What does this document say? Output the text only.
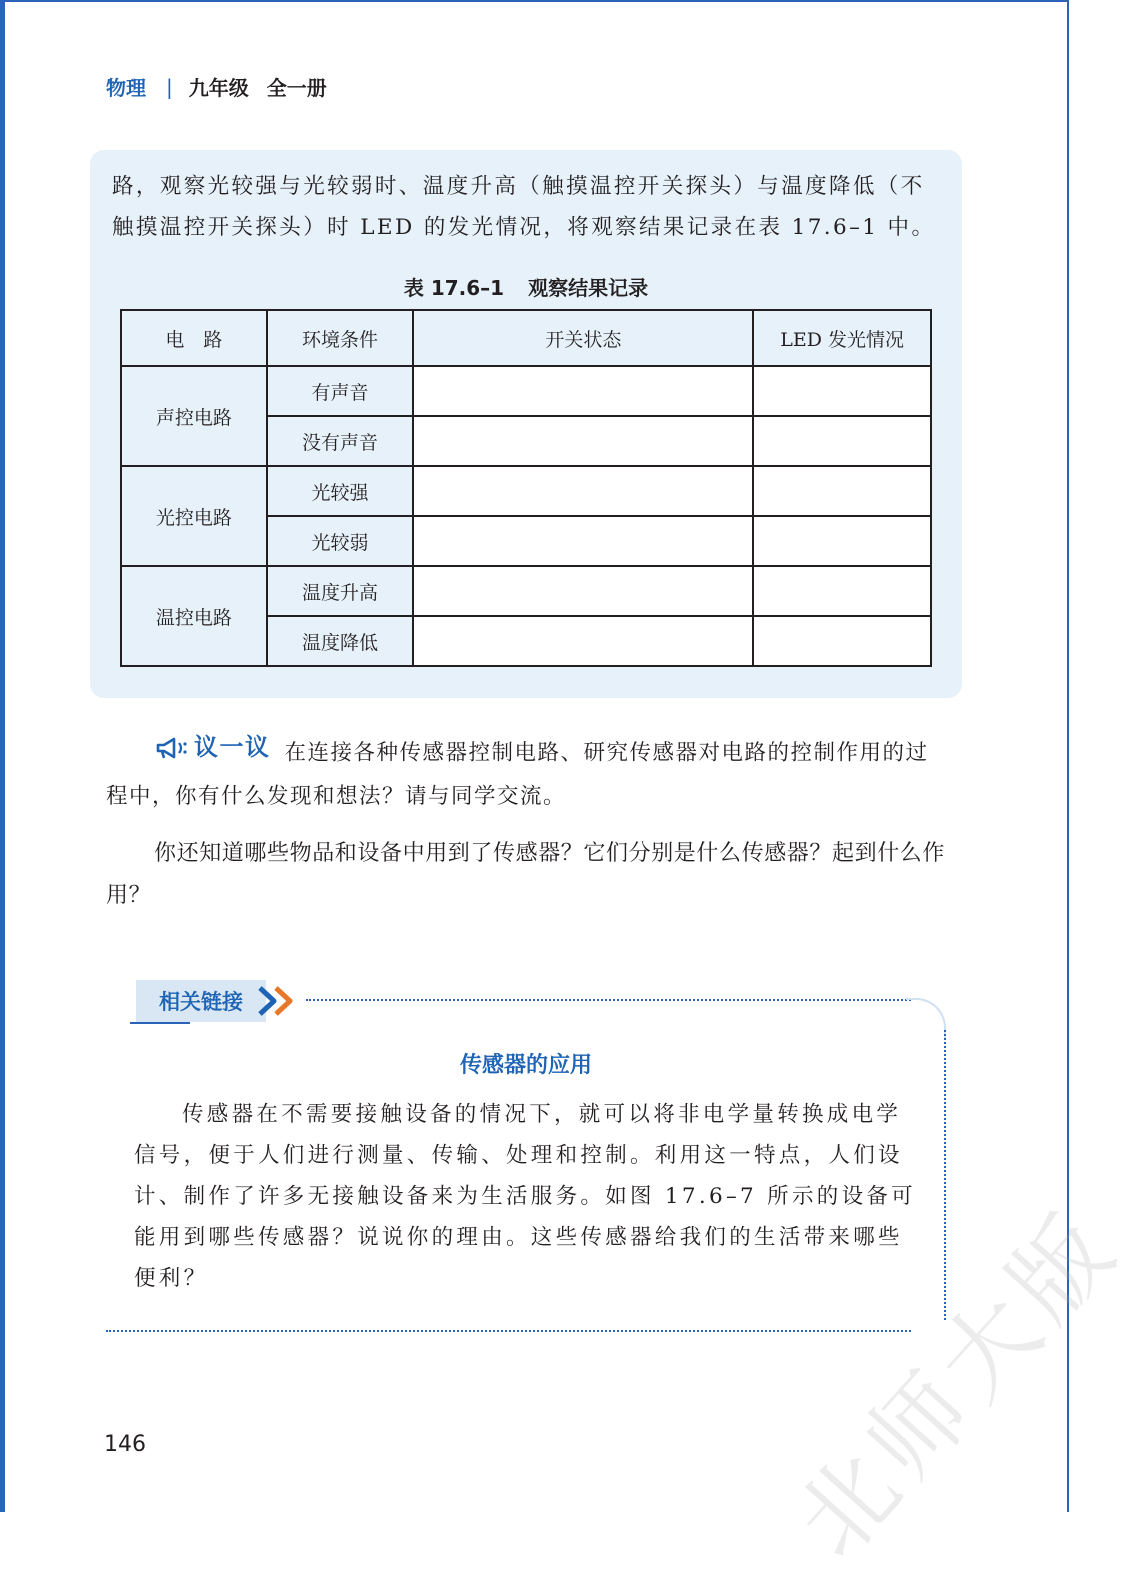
物理 | 九年级 全一册

路，观察光较强与光较弱时、温度升高（触摸温控开关探头）与温度降低（不触摸温控开关探头）时 LED 的发光情况，将观察结果记录在表 17.6–1 中。

表 17.6–1 观察结果记录
电　路	环境条件	开关状态	LED 发光情况
声控电路	有声音		
	没有声音		
光控电路	光较强		
	光较弱		
温控电路	温度升高		
	温度降低		
议一议 在连接各种传感器控制电路、研究传感器对电路的控制作用的过程中，你有什么发现和想法？请与同学交流。

你还知道哪些物品和设备中用到了传感器？它们分别是什么传感器？起到什么作用？

相关链接
传感器的应用

传感器在不需要接触设备的情况下，就可以将非电学量转换成电学信号，便于人们进行测量、传输、处理和控制。利用这一特点，人们设计、制作了许多无接触设备来为生活服务。如图 17.6–7 所示的设备可能用到哪些传感器？说说你的理由。这些传感器给我们的生活带来哪些便利？	北师大版
146
